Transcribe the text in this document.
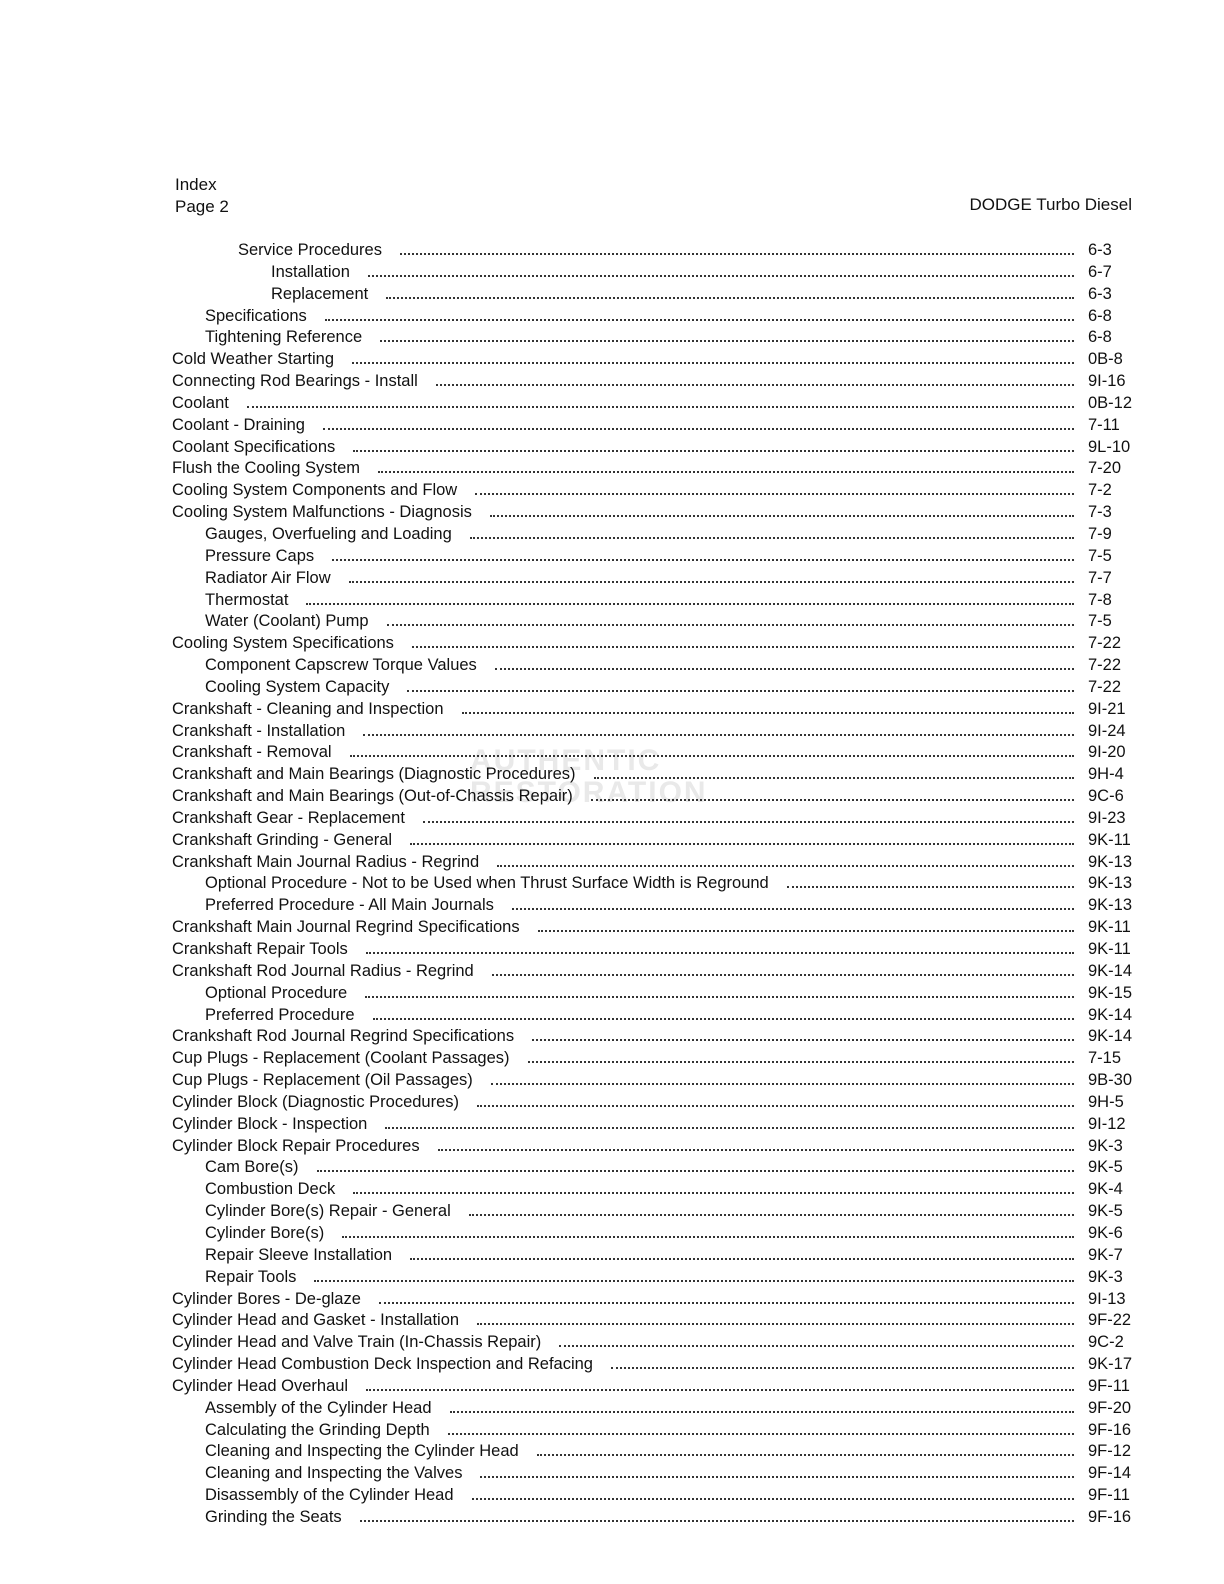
Index
Page 2	DODGE Turbo Diesel
AUTHENTIC
RESTORATION
Service Procedures	6-3
Installation	6-7
Replacement	6-3
Specifications	6-8
Tightening Reference	6-8
Cold Weather Starting	0B-8
Connecting Rod Bearings - Install	9I-16
Coolant	0B-12
Coolant - Draining	7-11
Coolant Specifications	9L-10
Flush the Cooling System	7-20
Cooling System Components and Flow	7-2
Cooling System Malfunctions - Diagnosis	7-3
Gauges, Overfueling and Loading	7-9
Pressure Caps	7-5
Radiator Air Flow	7-7
Thermostat	7-8
Water (Coolant) Pump	7-5
Cooling System Specifications	7-22
Component Capscrew Torque Values	7-22
Cooling System Capacity	7-22
Crankshaft - Cleaning and Inspection	9I-21
Crankshaft - Installation	9I-24
Crankshaft - Removal	9I-20
Crankshaft and Main Bearings (Diagnostic Procedures)	9H-4
Crankshaft and Main Bearings (Out-of-Chassis Repair)	9C-6
Crankshaft Gear - Replacement	9I-23
Crankshaft Grinding - General	9K-11
Crankshaft Main Journal Radius - Regrind	9K-13
Optional Procedure - Not to be Used when Thrust Surface Width is Reground	9K-13
Preferred Procedure - All Main Journals	9K-13
Crankshaft Main Journal Regrind Specifications	9K-11
Crankshaft Repair Tools	9K-11
Crankshaft Rod Journal Radius - Regrind	9K-14
Optional Procedure	9K-15
Preferred Procedure	9K-14
Crankshaft Rod Journal Regrind Specifications	9K-14
Cup Plugs - Replacement (Coolant Passages)	7-15
Cup Plugs - Replacement (Oil Passages)	9B-30
Cylinder Block (Diagnostic Procedures)	9H-5
Cylinder Block - Inspection	9I-12
Cylinder Block Repair Procedures	9K-3
Cam Bore(s)	9K-5
Combustion Deck	9K-4
Cylinder Bore(s) Repair - General	9K-5
Cylinder Bore(s)	9K-6
Repair Sleeve Installation	9K-7
Repair Tools	9K-3
Cylinder Bores - De-glaze	9I-13
Cylinder Head and Gasket - Installation	9F-22
Cylinder Head and Valve Train (In-Chassis Repair)	9C-2
Cylinder Head Combustion Deck Inspection and Refacing	9K-17
Cylinder Head Overhaul	9F-11
Assembly of the Cylinder Head	9F-20
Calculating the Grinding Depth	9F-16
Cleaning and Inspecting the Cylinder Head	9F-12
Cleaning and Inspecting the Valves	9F-14
Disassembly of the Cylinder Head	9F-11
Grinding the Seats	9F-16
